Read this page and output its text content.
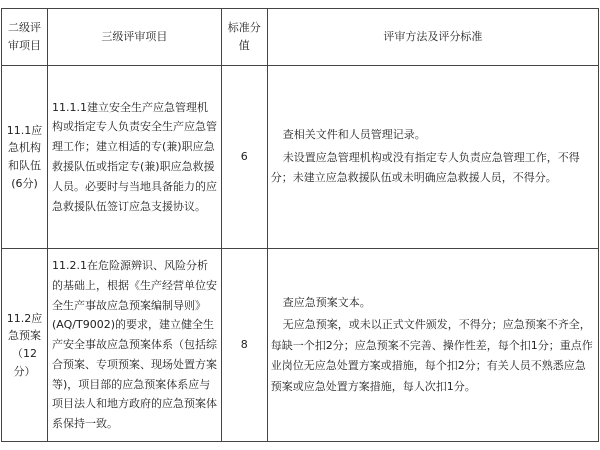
二级评审项目	三级评审项目	标准分值	评审方法及评分标准
11.1应急机构和队伍(6分)	11.1.1建立安全生产应急管理机构或指定专人负责安全生产应急管理工作；建立相适的专(兼)职应急救援队伍或指定专(兼)职应急救援人员。必要时与当地具备能力的应急救援队伍签订应急支援协议。	6	查相关文件和人员管理记录。

未设置应急管理机构或没有指定专人负责应急管理工作，不得分；未建立应急救援队伍或未明确应急救援人员，不得分。

11.2应急预案（12分）	11.2.1在危险源辨识、风险分析的基础上，根据《生产经营单位安全生产事故应急预案编制导则》(AQ/T9002)的要求，建立健全生产安全事故应急预案体系（包括综合预案、专项预案、现场处置方案等)，项目部的应急预案体系应与项目法人和地方政府的应急预案体系保持一致。	8	查应急预案文本。

无应急预案，或未以正式文件颁发，不得分；应急预案不齐全，每缺一个扣2分；应急预案不完善、操作性差，每个扣1分；重点作业岗位无应急处置方案或措施，每个扣2分；有关人员不熟悉应急预案或应急处置方案措施，每人次扣1分。
